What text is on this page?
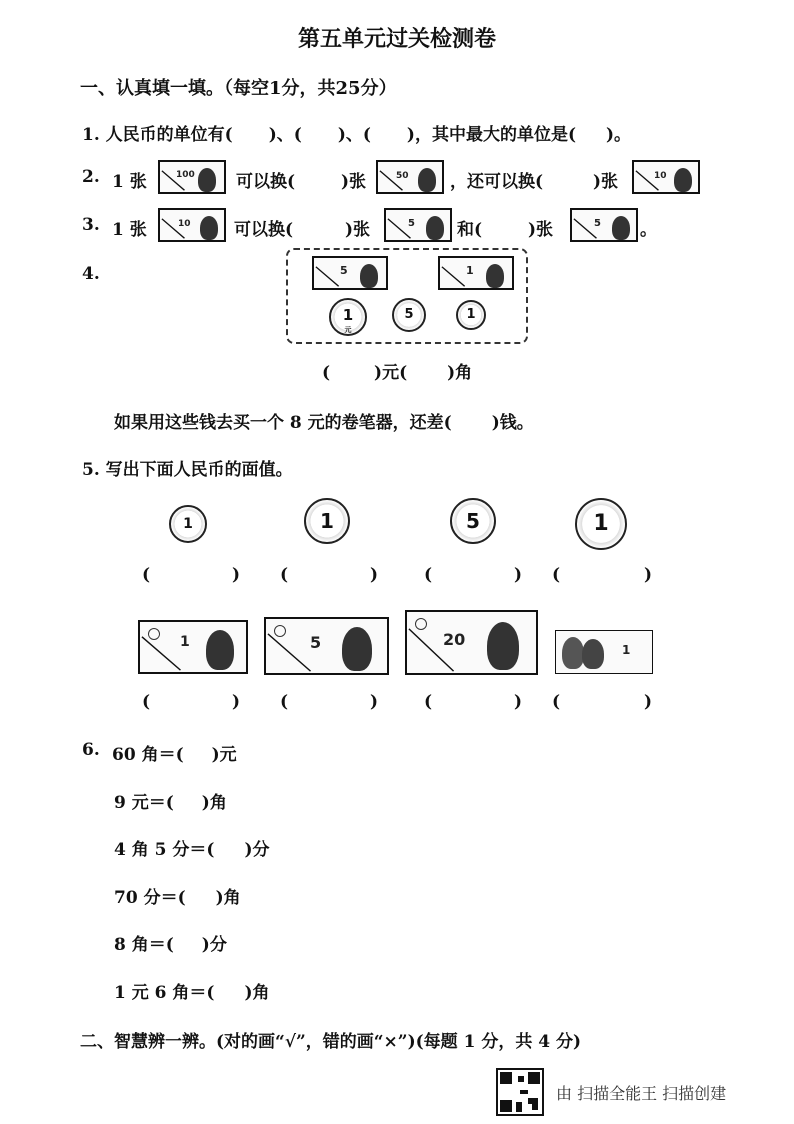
第五单元过关检测卷
一、认真填一填。（每空1分，共25分）
1. 人民币的单位有( )、( )、( )，其中最大的单位是( )。
2. 1 张	100 可以换(	)张	50 ，还可以换(	)张	10
3. 1 张	10	可以换(	)张	5 和(	)张	5 。
4.	5	1
1
元
5	1
(	)元( )角
如果用这些钱去买一个 8 元的卷笔器，还差( )钱。
5. 写出下面人民币的面值。
1	1	5	1
(	) (	)	(	) (	)
1	5	20
1
(	) (	)	(	) (	)
6. 60 角＝( )元
9 元＝( )角
4 角 5 分＝( )分
70 分＝( )角
8 角＝( )分
1 元 6 角＝( )角
二、智慧辨一辨。(对的画“√”，错的画“×”)(每题 1 分，共 4 分)
由 扫描全能王 扫描创建
